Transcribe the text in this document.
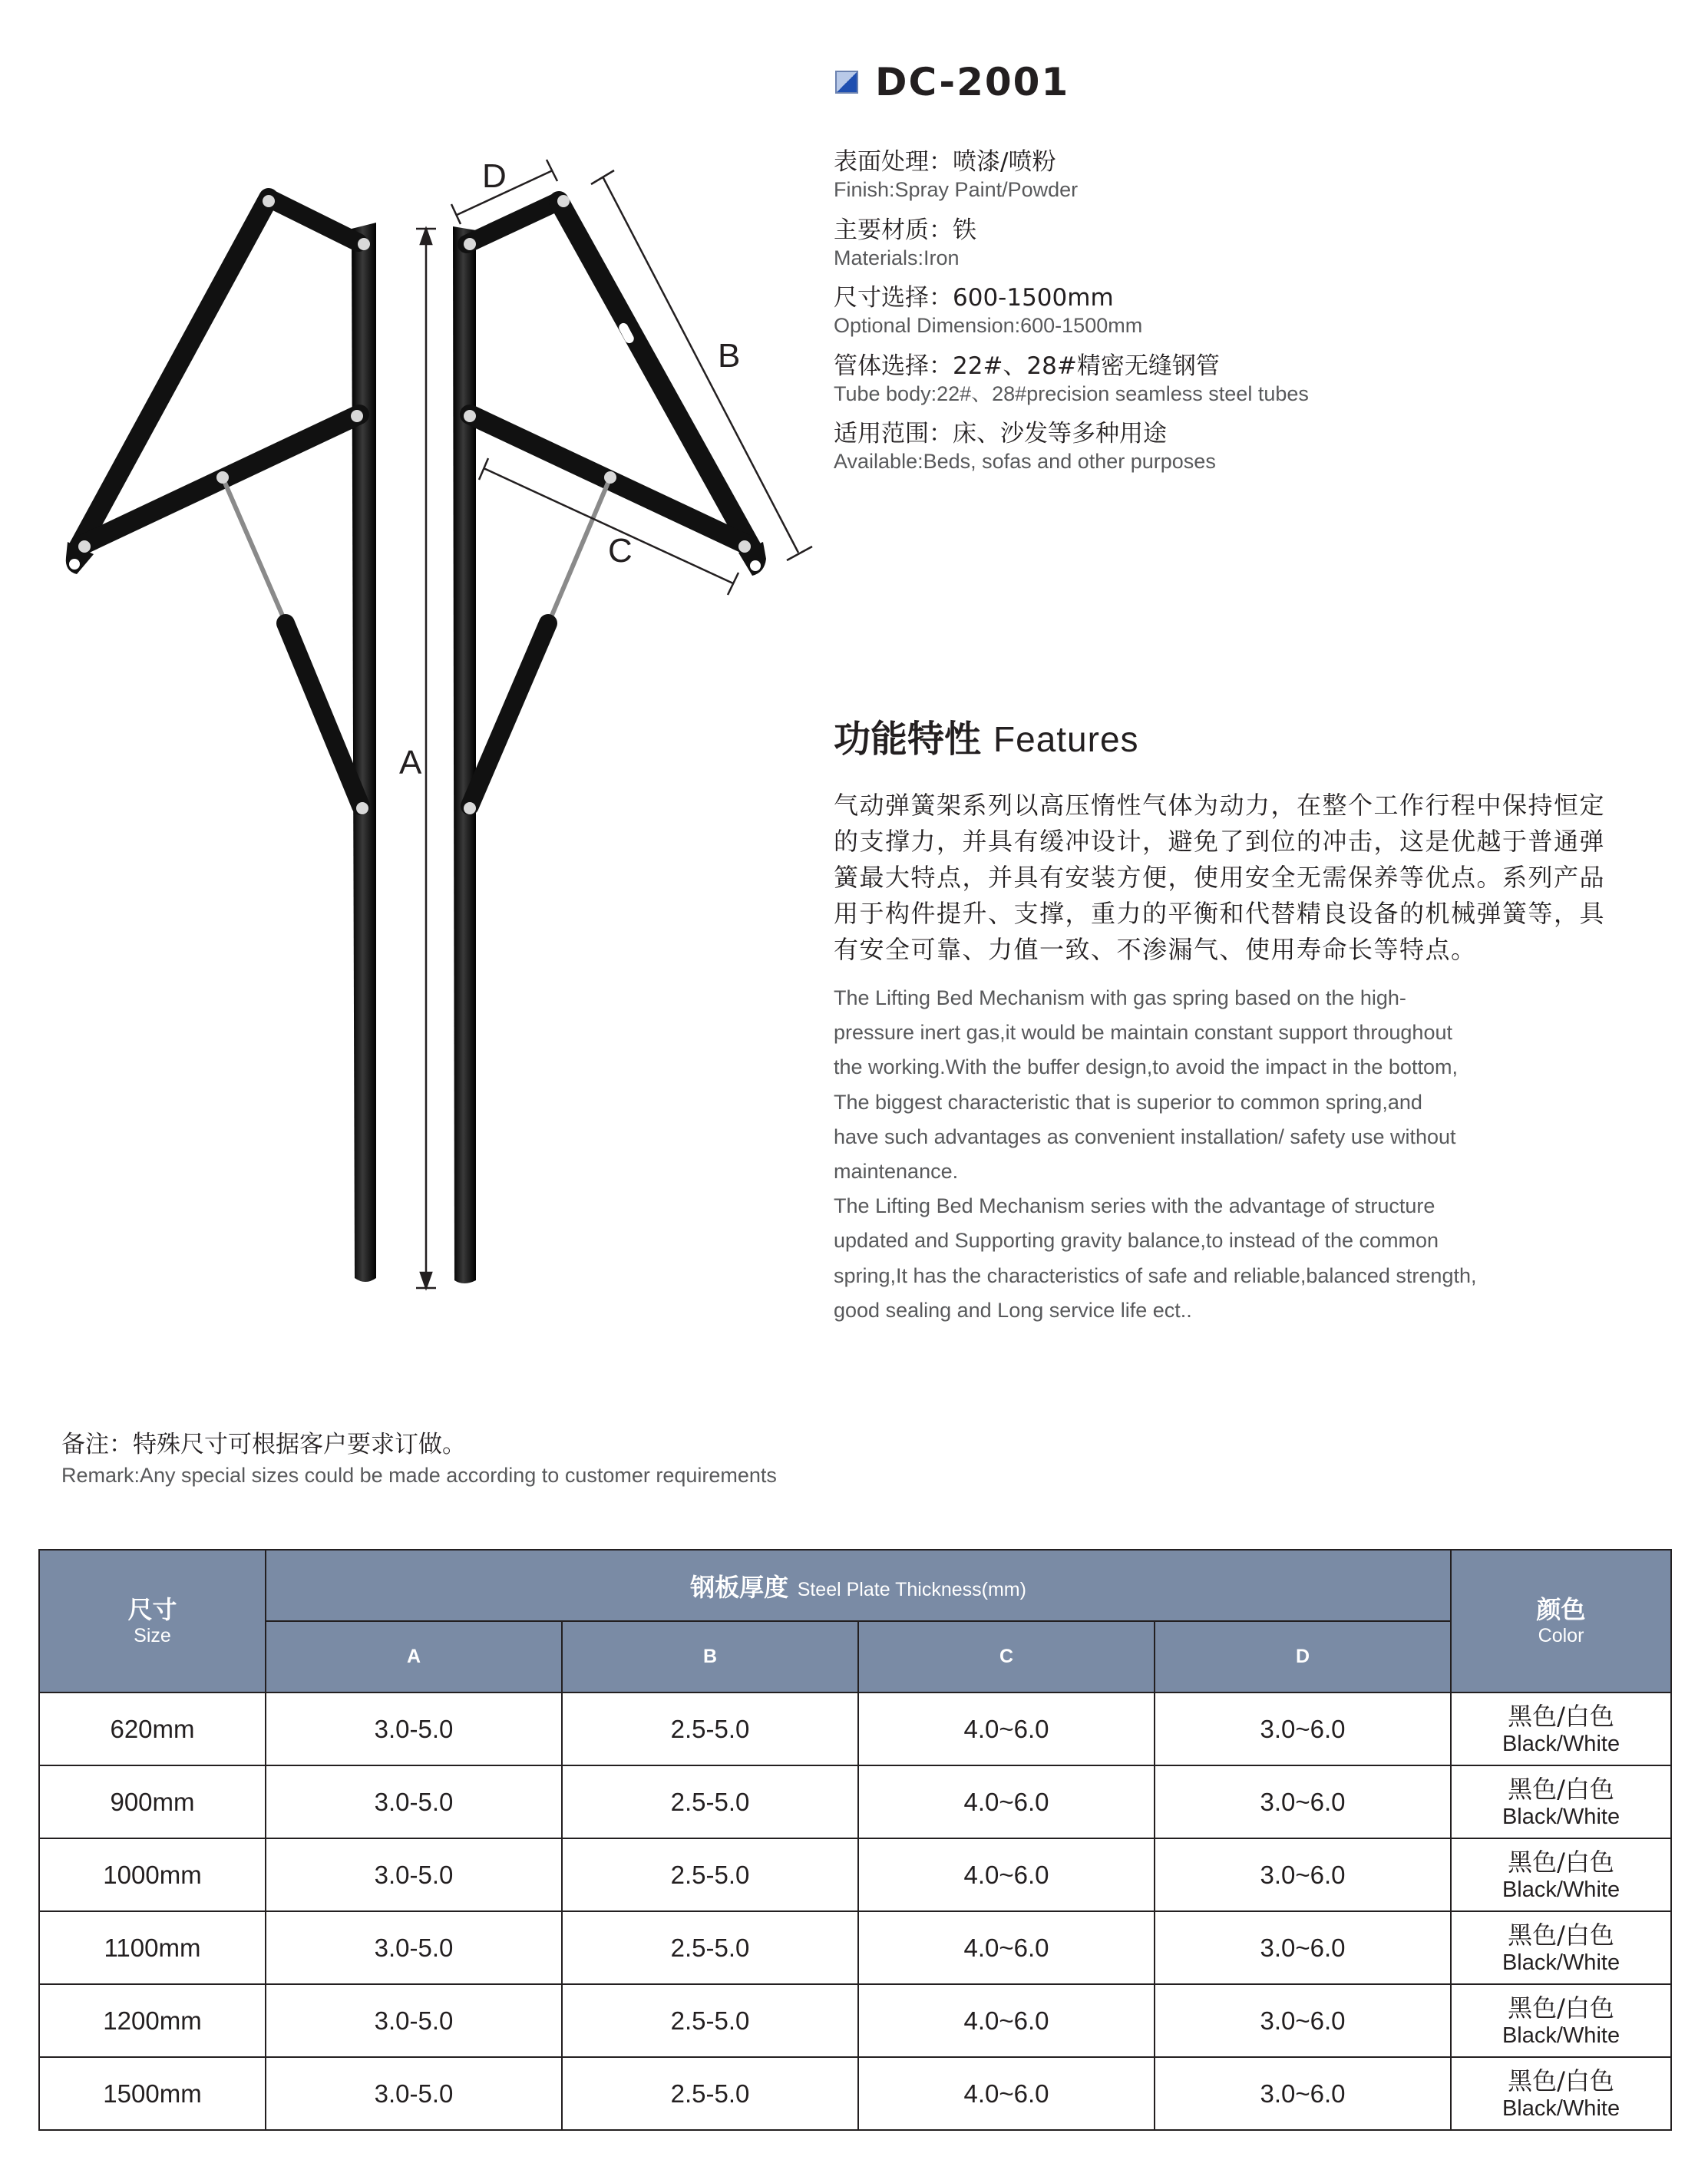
A
D
B
C
DC-2001
表面处理：喷漆/喷粉
Finish:Spray Paint/Powder
主要材质：铁
Materials:Iron
尺寸选择：600-1500mm
Optional Dimension:600-1500mm
管体选择：22#、28#精密无缝钢管
Tube body:22#、28#precision seamless steel tubes
适用范围：床、沙发等多种用途
Available:Beds, sofas and other purposes
功能特性 Features
气动弹簧架系列以高压惰性气体为动力，在整个工作行程中保持恒定
的支撑力，并具有缓冲设计，避免了到位的冲击，这是优越于普通弹
簧最大特点，并具有安装方便，使用安全无需保养等优点。系列产品
用于构件提升、支撑，重力的平衡和代替精良设备的机械弹簧等，具
有安全可靠、力值一致、不渗漏气、使用寿命长等特点。
The Lifting Bed Mechanism with gas spring based on the high-
pressure inert gas,it would be maintain constant support throughout
the working.With the buffer design,to avoid the impact in the bottom,
The biggest characteristic that is superior to common spring,and
have such advantages as convenient installation/ safety use without
maintenance.
The Lifting Bed Mechanism series with the advantage of structure
updated and Supporting gravity balance,to instead of the common
spring,It has the characteristics of safe and reliable,balanced strength,
good sealing and Long service life ect..
备注：特殊尺寸可根据客户要求订做。
Remark:Any special sizes could be made according to customer requirements
尺寸
Size	钢板厚度 Steel Plate Thickness(mm)				颜色
Color

	A	B	C	D	
620mm	3.0-5.0	2.5-5.0	4.0~6.0	3.0~6.0	黑色/白色
Black/White

900mm	3.0-5.0	2.5-5.0	4.0~6.0	3.0~6.0	黑色/白色
Black/White

1000mm	3.0-5.0	2.5-5.0	4.0~6.0	3.0~6.0	黑色/白色
Black/White

1100mm	3.0-5.0	2.5-5.0	4.0~6.0	3.0~6.0	黑色/白色
Black/White

1200mm	3.0-5.0	2.5-5.0	4.0~6.0	3.0~6.0	黑色/白色
Black/White

1500mm	3.0-5.0	2.5-5.0	4.0~6.0	3.0~6.0	黑色/白色
Black/White
